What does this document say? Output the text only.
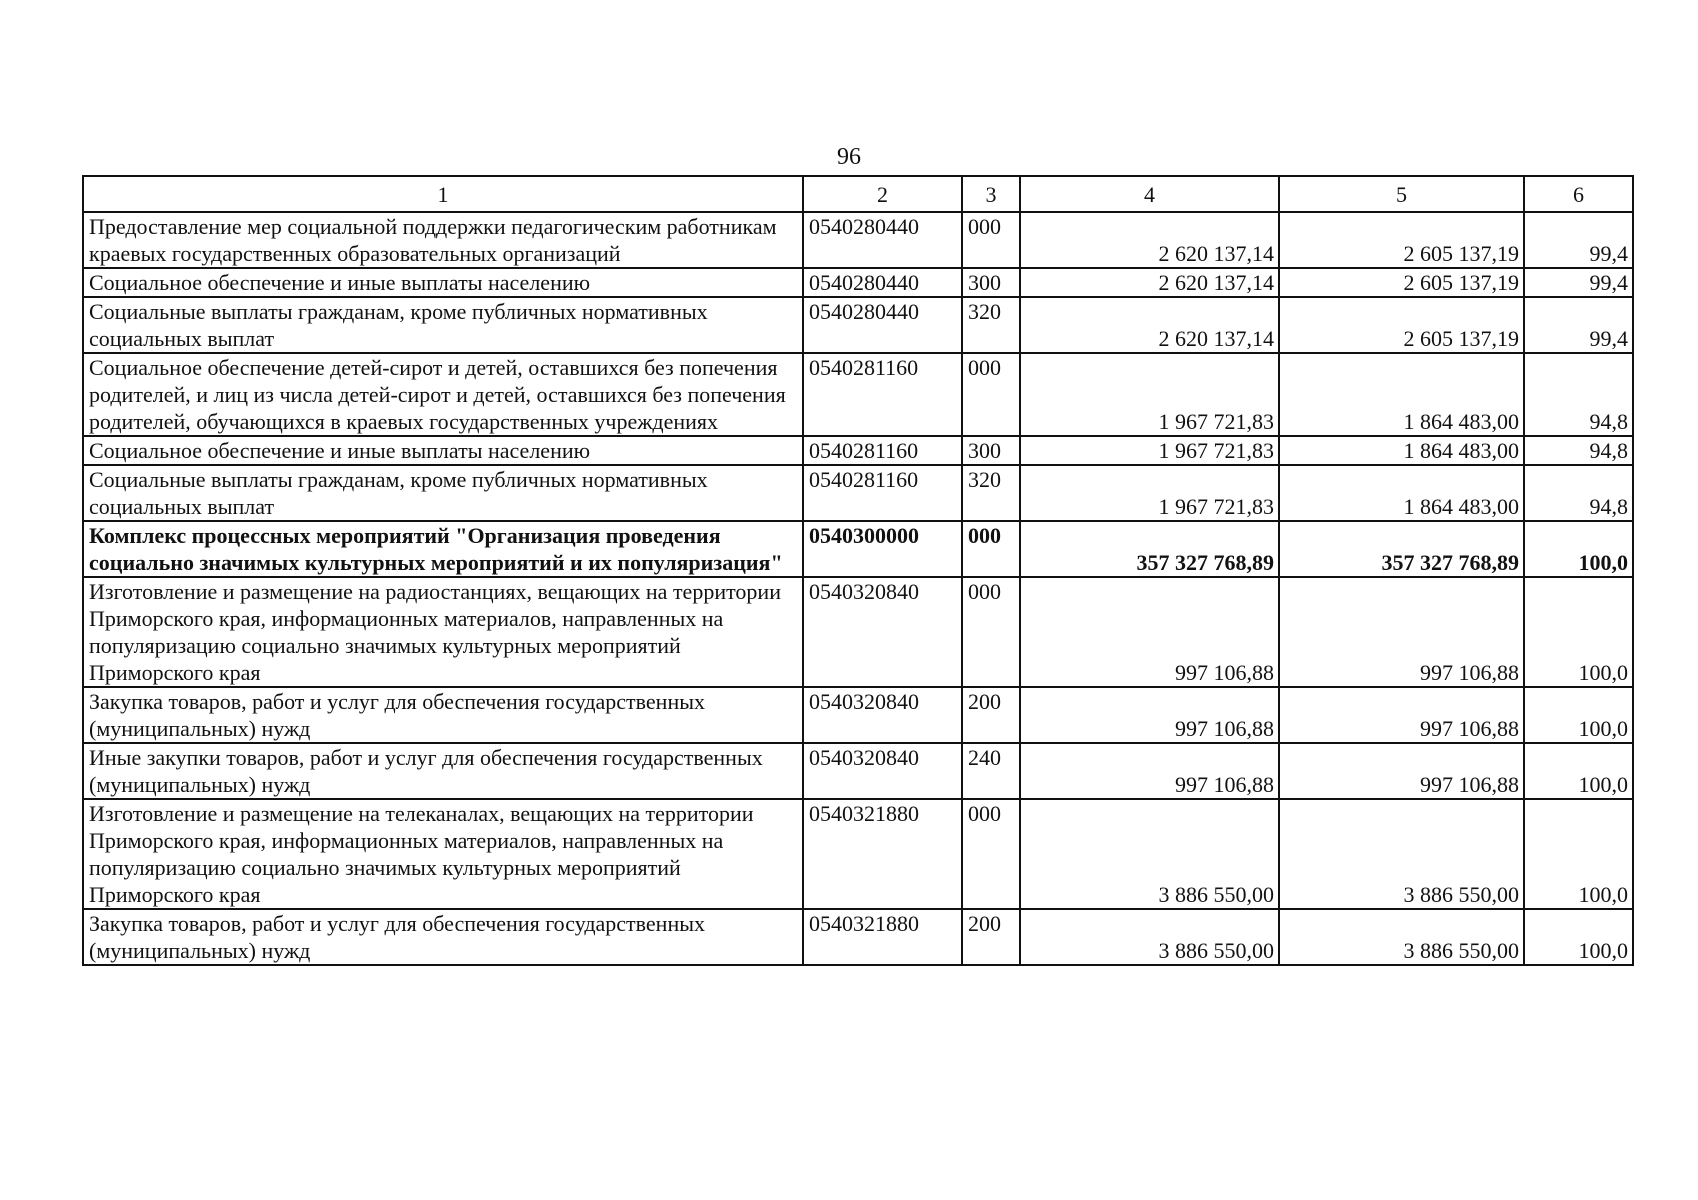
96
1	2	3	4	5	6
Предоставление мер социальной поддержки педагогическим работникам краевых государственных образовательных организаций	0540280440	000	2 620 137,14	2 605 137,19	99,4
Социальное обеспечение и иные выплаты населению	0540280440	300	2 620 137,14	2 605 137,19	99,4
Социальные выплаты гражданам, кроме публичных нормативных социальных выплат	0540280440	320	2 620 137,14	2 605 137,19	99,4
Социальное обеспечение детей-сирот и детей, оставшихся без попечения родителей, и лиц из числа детей-сирот и детей, оставшихся без попечения родителей, обучающихся в краевых государственных учреждениях	0540281160	000	1 967 721,83	1 864 483,00	94,8
Социальное обеспечение и иные выплаты населению	0540281160	300	1 967 721,83	1 864 483,00	94,8
Социальные выплаты гражданам, кроме публичных нормативных социальных выплат	0540281160	320	1 967 721,83	1 864 483,00	94,8
Комплекс процессных мероприятий "Организация проведения социально значимых культурных мероприятий и их популяризация"	0540300000	000	357 327 768,89	357 327 768,89	100,0
Изготовление и размещение на радиостанциях, вещающих на территории Приморского края, информационных материалов, направленных на популяризацию социально значимых культурных мероприятий Приморского края	0540320840	000	997 106,88	997 106,88	100,0
Закупка товаров, работ и услуг для обеспечения государственных (муниципальных) нужд	0540320840	200	997 106,88	997 106,88	100,0
Иные закупки товаров, работ и услуг для обеспечения государственных (муниципальных) нужд	0540320840	240	997 106,88	997 106,88	100,0
Изготовление и размещение на телеканалах, вещающих на территории Приморского края, информационных материалов, направленных на популяризацию социально значимых культурных мероприятий Приморского края	0540321880	000	3 886 550,00	3 886 550,00	100,0
Закупка товаров, работ и услуг для обеспечения государственных (муниципальных) нужд	0540321880	200	3 886 550,00	3 886 550,00	100,0
